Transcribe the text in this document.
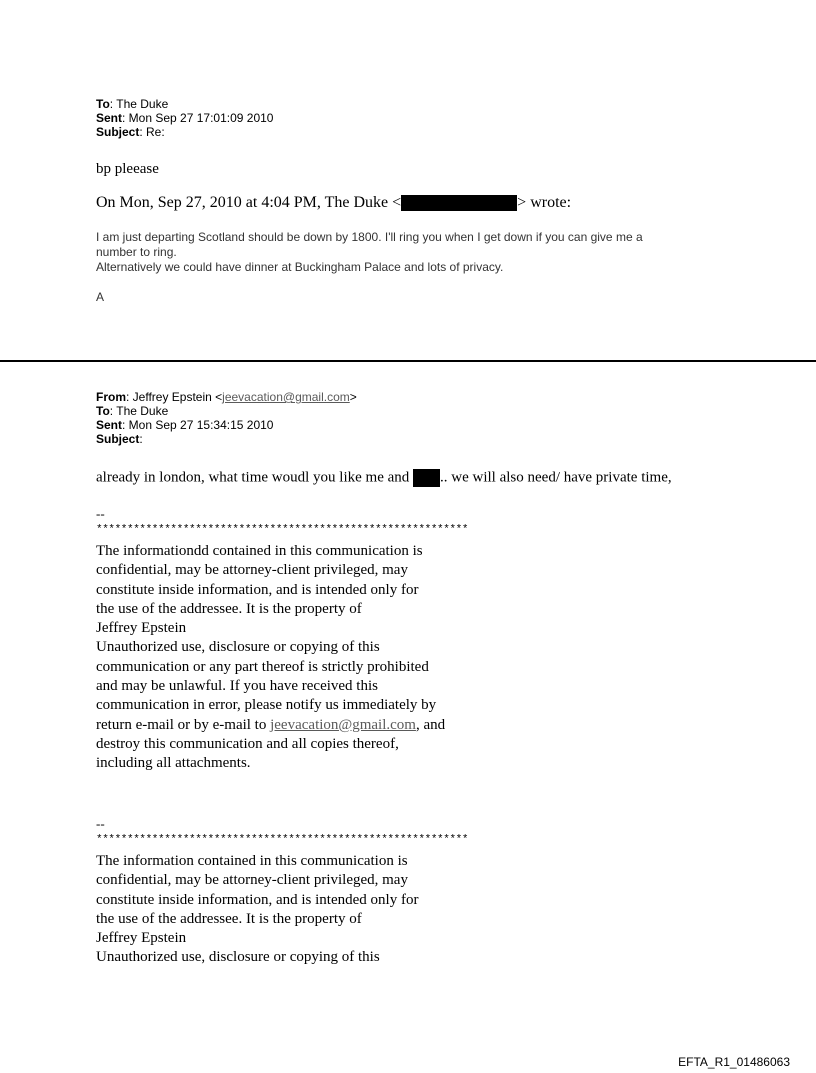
To: The Duke
Sent: Mon Sep 27 17:01:09 2010
Subject: Re:
bp pleease
On Mon, Sep 27, 2010 at 4:04 PM, The Duke <	> wrote:
I am just departing Scotland should be down by 1800. I'll ring you when I get down if you can give me a
number to ring.
Alternatively we could have dinner at Buckingham Palace and lots of privacy.
A
From: Jeffrey Epstein <jeevacation@gmail.com>
To: The Duke
Sent: Mon Sep 27 15:34:15 2010
Subject:
already in london, what time woudl you like me and .. we will also need/ have private time,
--
************************************************************
The informationdd contained in this communication is
confidential, may be attorney-client privileged, may
constitute inside information, and is intended only for
the use of the addressee. It is the property of
Jeffrey Epstein
Unauthorized use, disclosure or copying of this
communication or any part thereof is strictly prohibited
and may be unlawful. If you have received this
communication in error, please notify us immediately by
return e-mail or by e-mail to jeevacation@gmail.com, and
destroy this communication and all copies thereof,
including all attachments.
--
************************************************************
The information contained in this communication is
confidential, may be attorney-client privileged, may
constitute inside information, and is intended only for
the use of the addressee. It is the property of
Jeffrey Epstein
Unauthorized use, disclosure or copying of this
EFTA_R1_01486063
